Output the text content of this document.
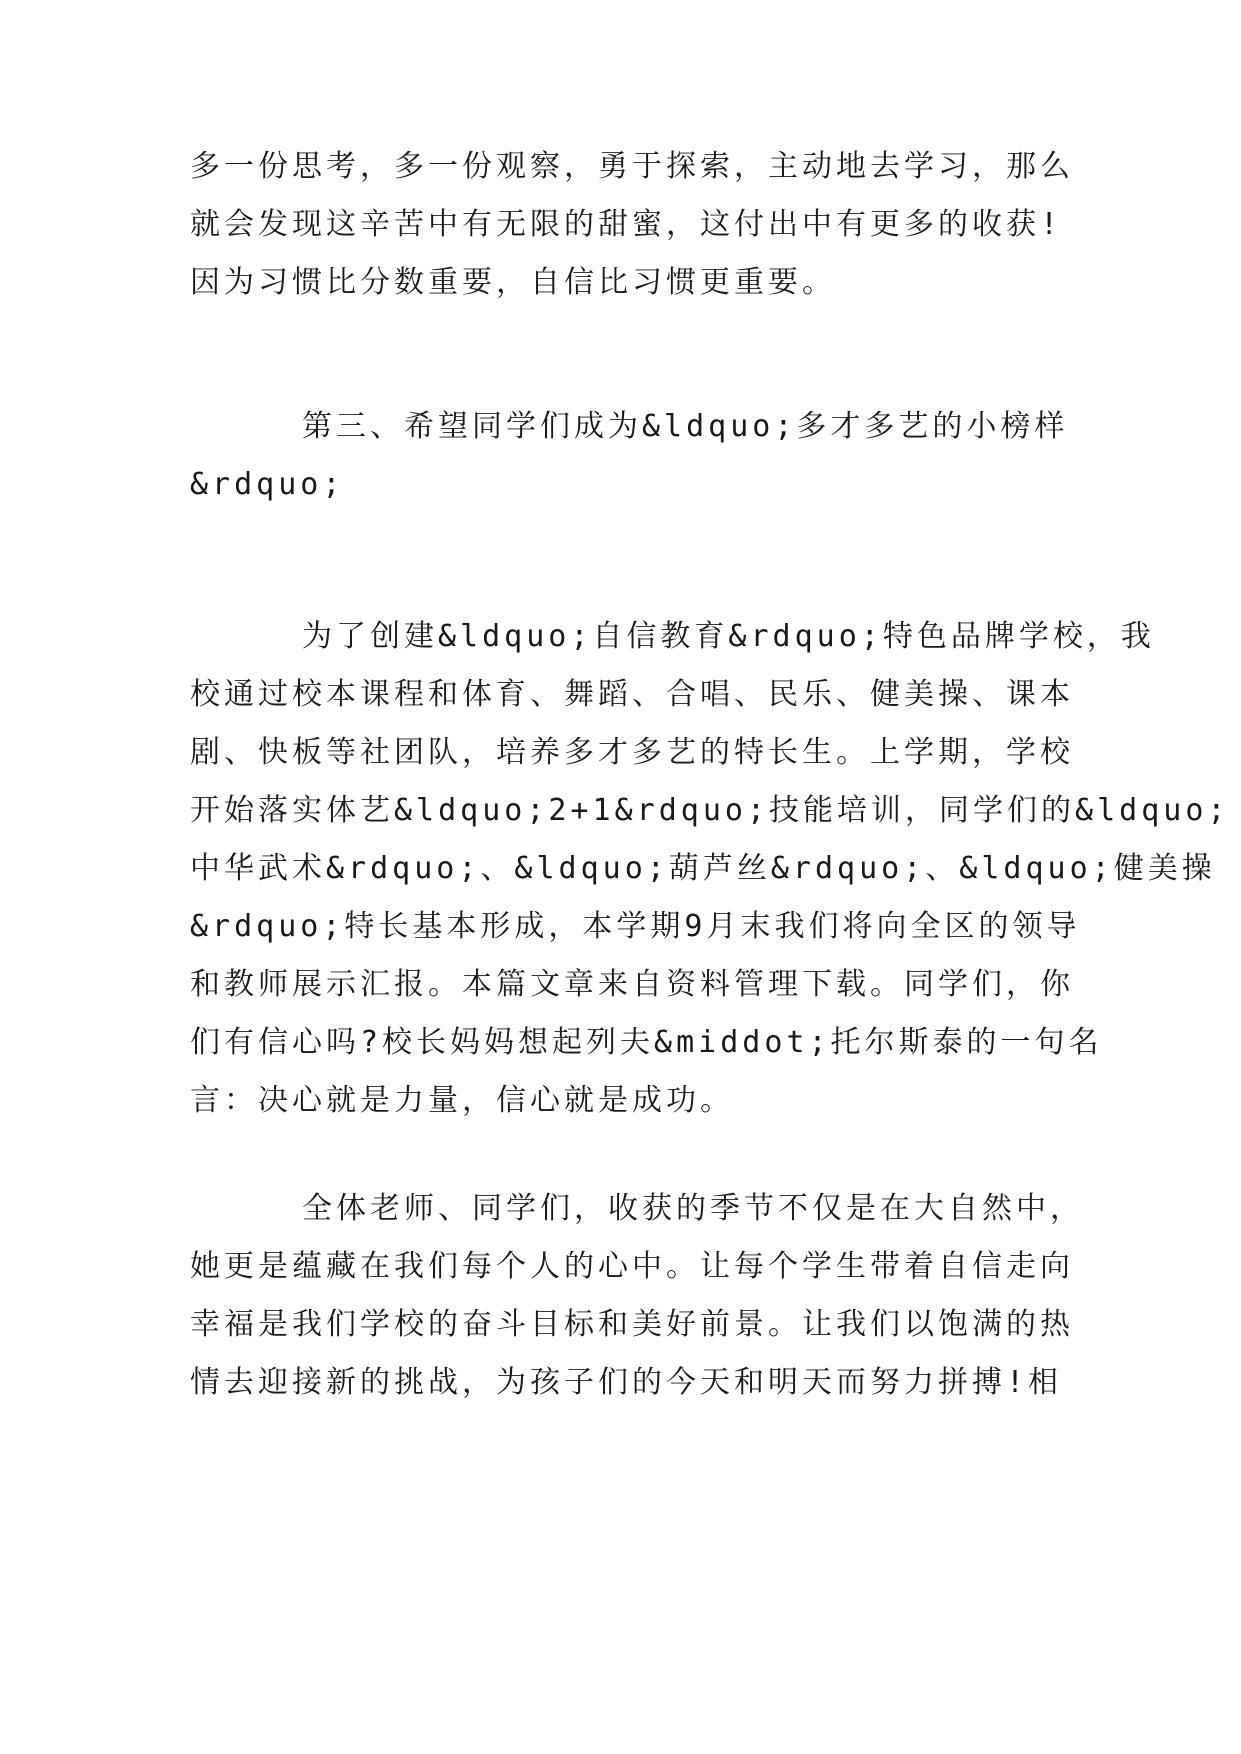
多一份思考，多一份观察，勇于探索，主动地去学习，那么
就会发现这辛苦中有无限的甜蜜，这付出中有更多的收获!
因为习惯比分数重要，自信比习惯更重要。
第三、希望同学们成为&ldquo;多才多艺的小榜样
&rdquo;
为了创建&ldquo;自信教育&rdquo;特色品牌学校，我
校通过校本课程和体育、舞蹈、合唱、民乐、健美操、课本
剧、快板等社团队，培养多才多艺的特长生。上学期，学校
开始落实体艺&ldquo;2+1&rdquo;技能培训，同学们的&ldquo;
中华武术&rdquo;、&ldquo;葫芦丝&rdquo;、&ldquo;健美操
&rdquo;特长基本形成，本学期9月末我们将向全区的领导
和教师展示汇报。本篇文章来自资料管理下载。同学们，你
们有信心吗?校长妈妈想起列夫&middot;托尔斯泰的一句名
言：决心就是力量，信心就是成功。
全体老师、同学们，收获的季节不仅是在大自然中，
她更是蕴藏在我们每个人的心中。让每个学生带着自信走向
幸福是我们学校的奋斗目标和美好前景。让我们以饱满的热
情去迎接新的挑战，为孩子们的今天和明天而努力拼搏!相
